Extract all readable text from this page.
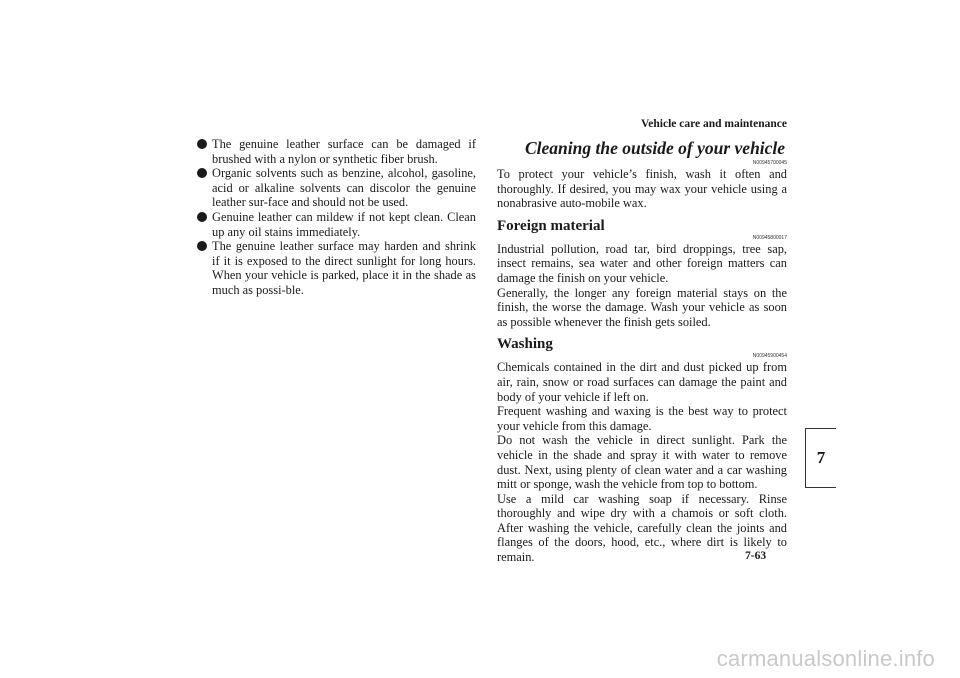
Vehicle care and maintenance
7
The genuine leather surface can be damaged if brushed with a nylon or synthetic fiber brush.
Organic solvents such as benzine, alcohol, gasoline, acid or alkaline solvents can discolor the genuine leather sur-face and should not be used.
Genuine leather can mildew if not kept clean. Clean up any oil stains immediately.
The genuine leather surface may harden and shrink if it is exposed to the direct sunlight for long hours. When your vehicle is parked, place it in the shade as much as possi-ble.
Cleaning the outside of your vehicle
N00945700045
To protect your vehicle’s finish, wash it often and thoroughly. If desired, you may wax your vehicle using a nonabrasive auto-mobile wax.
Foreign material
N00945800017
Industrial pollution, road tar, bird droppings, tree sap, insect remains, sea water and other foreign matters can damage the finish on your vehicle.
Generally, the longer any foreign material stays on the finish, the worse the damage. Wash your vehicle as soon as possible whenever the finish gets soiled.
Washing
N00945900454
Chemicals contained in the dirt and dust picked up from air, rain, snow or road surfaces can damage the paint and body of your vehicle if left on.
Frequent washing and waxing is the best way to protect your vehicle from this damage.
Do not wash the vehicle in direct sunlight. Park the vehicle in the shade and spray it with water to remove dust. Next, using plenty of clean water and a car washing mitt or sponge, wash the vehicle from top to bottom.
Use a mild car washing soap if necessary. Rinse thoroughly and wipe dry with a chamois or soft cloth. After washing the vehicle, carefully clean the joints and flanges of the doors, hood, etc., where dirt is likely to remain.	7-63
carmanualsonline.info
